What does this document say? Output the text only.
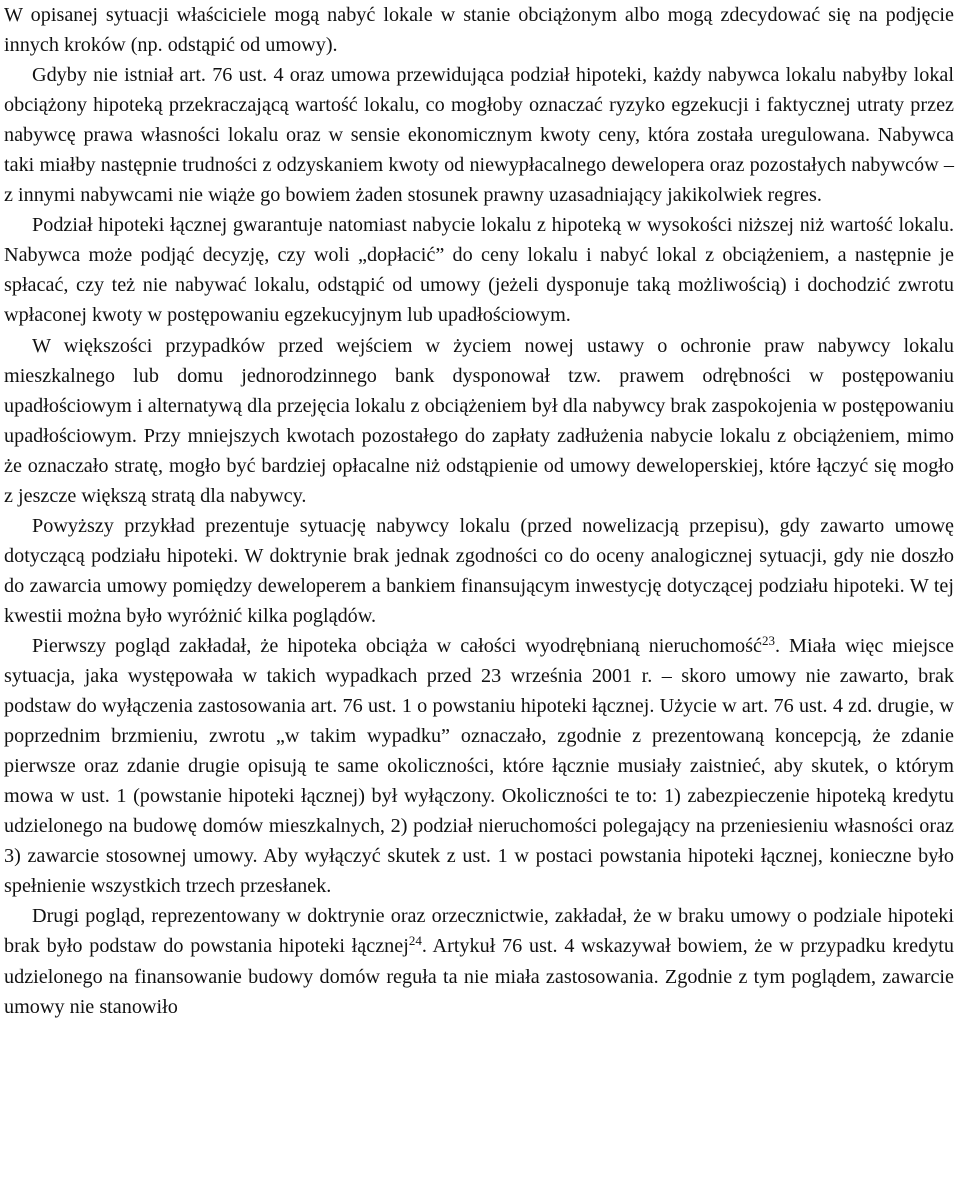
W opisanej sytuacji właściciele mogą nabyć lokale w stanie obciążonym albo mogą zdecydować się na podjęcie innych kroków (np. odstąpić od umowy).

Gdyby nie istniał art. 76 ust. 4 oraz umowa przewidująca podział hipoteki, każdy nabywca lokalu nabyłby lokal obciążony hipoteką przekraczającą wartość lokalu, co mogłoby oznaczać ryzyko egzekucji i faktycznej utraty przez nabywcę prawa własności lokalu oraz w sensie ekonomicznym kwoty ceny, która została uregulowana. Nabywca taki miałby następnie trudności z odzyskaniem kwoty od niewypłacalnego dewelopera oraz pozostałych nabywców – z innymi nabywcami nie wiąże go bowiem żaden stosunek prawny uzasadniający jakikolwiek regres.

Podział hipoteki łącznej gwarantuje natomiast nabycie lokalu z hipoteką w wysokości niższej niż wartość lokalu. Nabywca może podjąć decyzję, czy woli „dopłacić” do ceny lokalu i nabyć lokal z obciążeniem, a następnie je spłacać, czy też nie nabywać lokalu, odstąpić od umowy (jeżeli dysponuje taką możliwością) i dochodzić zwrotu wpłaconej kwoty w postępowaniu egzekucyjnym lub upadłościowym.

W większości przypadków przed wejściem w życiem nowej ustawy o ochronie praw nabywcy lokalu mieszkalnego lub domu jednorodzinnego bank dysponował tzw. prawem odrębności w postępowaniu upadłościowym i alternatywą dla przejęcia lokalu z obciążeniem był dla nabywcy brak zaspokojenia w postępowaniu upadłościowym. Przy mniejszych kwotach pozostałego do zapłaty zadłużenia nabycie lokalu z obciążeniem, mimo że oznaczało stratę, mogło być bardziej opłacalne niż odstąpienie od umowy deweloperskiej, które łączyć się mogło z jeszcze większą stratą dla nabywcy.

Powyższy przykład prezentuje sytuację nabywcy lokalu (przed nowelizacją przepisu), gdy zawarto umowę dotyczącą podziału hipoteki. W doktrynie brak jednak zgodności co do oceny analogicznej sytuacji, gdy nie doszło do zawarcia umowy pomiędzy deweloperem a bankiem finansującym inwestycję dotyczącej podziału hipoteki. W tej kwestii można było wyróżnić kilka poglądów.

Pierwszy pogląd zakładał, że hipoteka obciąża w całości wyodrębnianą nieruchomość$^{23}$. Miała więc miejsce sytuacja, jaka występowała w takich wypadkach przed 23 września 2001 r. – skoro umowy nie zawarto, brak podstaw do wyłączenia zastosowania art. 76 ust. 1 o powstaniu hipoteki łącznej. Użycie w art. 76 ust. 4 zd. drugie, w poprzednim brzmieniu, zwrotu „w takim wypadku” oznaczało, zgodnie z prezentowaną koncepcją, że zdanie pierwsze oraz zdanie drugie opisują te same okoliczności, które łącznie musiały zaistnieć, aby skutek, o którym mowa w ust. 1 (powstanie hipoteki łącznej) był wyłączony. Okoliczności te to: 1) zabezpieczenie hipoteką kredytu udzielonego na budowę domów mieszkalnych, 2) podział nieruchomości polegający na przeniesieniu własności oraz 3) zawarcie stosownej umowy. Aby wyłączyć skutek z ust. 1 w postaci powstania hipoteki łącznej, konieczne było spełnienie wszystkich trzech przesłanek.

Drugi pogląd, reprezentowany w doktrynie oraz orzecznictwie, zakładał, że w braku umowy o podziale hipoteki brak było podstaw do powstania hipoteki łącznej$^{24}$. Artykuł 76 ust. 4 wskazywał bowiem, że w przypadku kredytu udzielonego na finansowanie budowy domów reguła ta nie miała zastosowania. Zgodnie z tym poglądem, zawarcie umowy nie stanowiło
